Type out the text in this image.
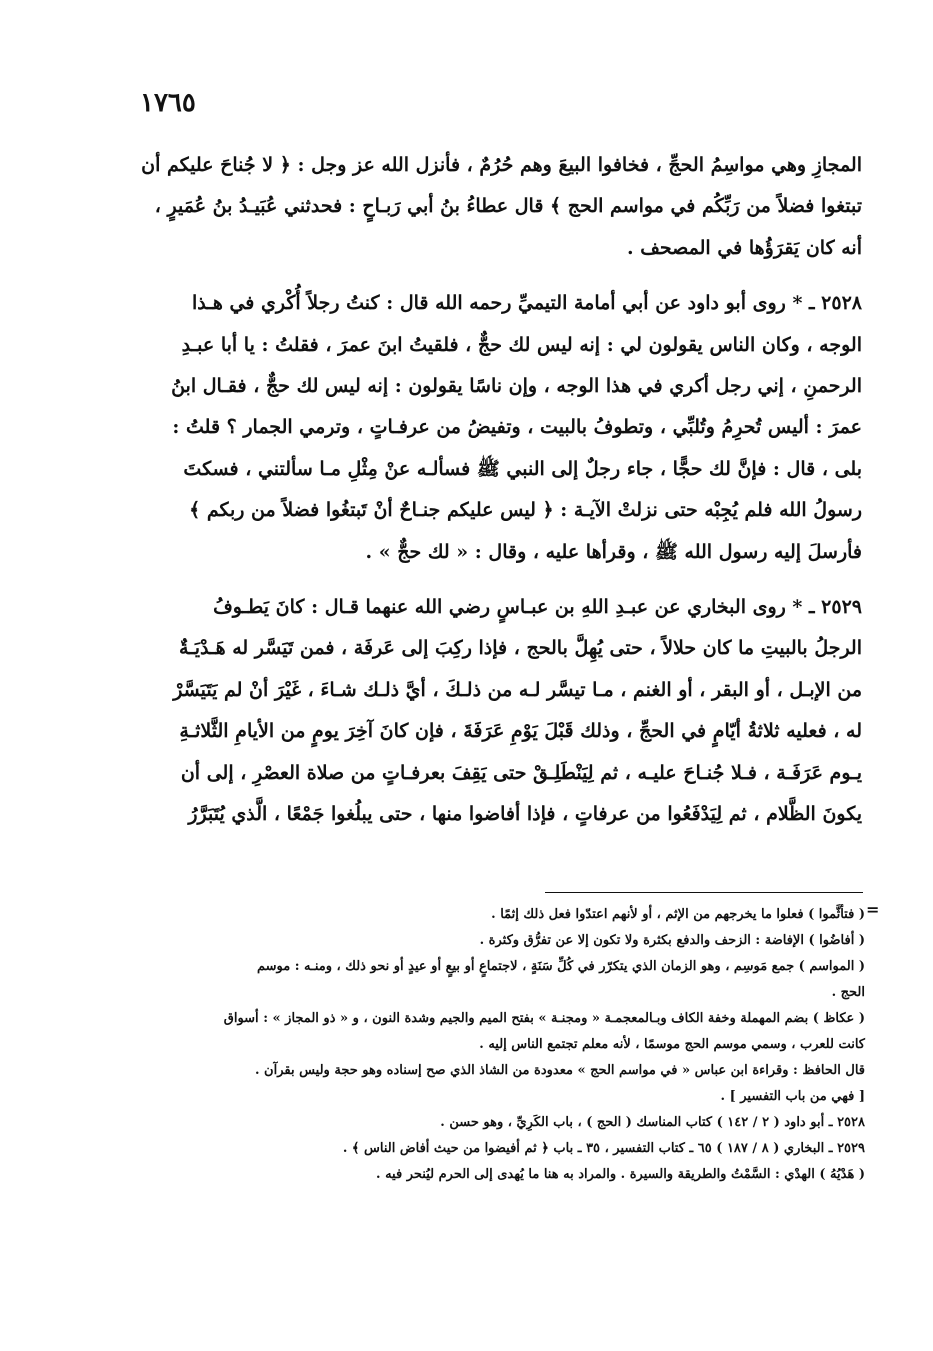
١٧٦٥

المجازِ وهي مواسِمُ الحجِّ ، فخافوا البيعَ وهم حُرُمٌ ، فأنزل الله عز وجل : ﴿ لا جُناحَ عليكم أن

تبتغوا فضلاً من رَبِّكُم في مواسم الحج ﴾ قال عطاءُ بنُ أبي رَبـاحٍ : فحدثني عُبَيـدُ بنُ عُمَيرٍ ،

أنه كان يَقرَؤُها في المصحف .

٢٥٢٨ ـ * روى أبو داود عن أبي أمامة التيميِّ رحمه الله قال : كنتُ رجلاً أُكْري في هـذا

الوجه ، وكان الناس يقولون لي : إنه ليس لك حجٌّ ، فلقيتُ ابنَ عمرَ ، فقلتُ : يا أبا عبـدِ

الرحمنِ ، إني رجل أكري في هذا الوجه ، وإن ناسًا يقولون : إنه ليس لك حجٌّ ، فقـال ابنُ

عمرَ : أليس تُحرِمُ وتُلبِّي ، وتطوفُ بالبيت ، وتفيضُ من عرفـاتٍ ، وترمي الجمار ؟ قلتُ :

بلى ، قال : فإنَّ لك حجًّا ، جاء رجلٌ إلى النبي ﷺ فسألـه عنْ مِثْلِ مـا سألتني ، فسكتَ

رسولُ الله فلم يُجِبْه حتى نزلتْ الآيـة : ﴿ ليس عليكم جنـاحٌ أنْ تَبتغُوا فضلاً من ربكم ﴾

فأرسلَ إليه رسول الله ﷺ ، وقرأها عليه ، وقال : « لك حجٌّ » .

٢٥٢٩ ـ * روى البخاري عن عبـدِ اللهِ بن عبـاسٍ رضي الله عنهما قـال : كانَ يَطـوفُ

الرجلُ بالبيتِ ما كان حلالاً ، حتى يُهِلَّ بالحج ، فإذا ركِبَ إلى عَرفَة ، فمن تَيَسَّر له هَـدْيَـةٌ

من الإبـل ، أو البقر ، أو الغنم ، مـا تيسَّر لـه من ذلـكَ ، أيَّ ذلـك شـاءَ ، غَيْرَ أنْ لم يَتَيَسَّرْ

له ، فعليه ثلاثةُ أيّامٍ في الحجِّ ، وذلك قَبْلَ يَوْمِ عَرَفَةَ ، فإن كانَ آخِرَ يومٍ من الأيامِ الثَّلاثـةِ

يـوم عَرَفَـة ، فـلا جُنـاحَ عليـه ، ثم لِيَنْطَلِـقْ حتى يَقِفَ بعرفـاتٍ من صلاة العصْرِ ، إلى أن

يكونَ الظَّلام ، ثم لِيَدْفَعُوا من عرفاتٍ ، فإذا أفاضوا منها ، حتى يبلُغوا جَمْعًا ، الَّذي يُتَبَرَّرُ

=

( فتأثَّموا ) فعلوا ما يخرجهم من الإثم ، أو لأنهم اعتدّوا فعل ذلك إثمًا .

( أفاضُوا ) الإفاضة : الزحف والدفع بكثرة ولا تكون إلا عن تفرُّق وكثرة .

( المواسم ) جمع مَوسِم ، وهو الزمان الذي يتكرّر في كُلِّ سَنَةٍ ، لاجتماعٍ أو بيعٍ أو عيدٍ أو نحو ذلك ، ومنـه : موسم

الحج .

( عكاظ ) بضم المهملة وخفة الكاف وبـالمعجمـة « ومجنـة » بفتح الميم والجيم وشدة النون ، و « ذو المجاز » : أسواق

كانت للعرب ، وسمي موسم الحج موسمًا ، لأنه معلم تجتمع الناس إليه .

قال الحافظ : وقراءة ابن عباس « في مواسم الحج » معدودة من الشاذ الذي صح إسناده وهو حجة وليس بقرآن .

[ فهي من باب التفسير ] .

٢٥٢٨ ـ أبو داود ( ٢ / ١٤٢ ) كتاب المناسك ( الحج ) ، باب الكَرِيِّ ، وهو حسن .

٢٥٢٩ ـ البخاري ( ٨ / ١٨٧ ) ٦٥ ـ كتاب التفسير ، ٣٥ ـ باب ﴿ ثم أفيضوا من حيث أفاض الناس ﴾ .

( هَدْيُهُ ) الهدْي : السَّمْتُ والطريقة والسيرة . والمراد به هنا ما يُهدى إلى الحرم ليُنحر فيه .
